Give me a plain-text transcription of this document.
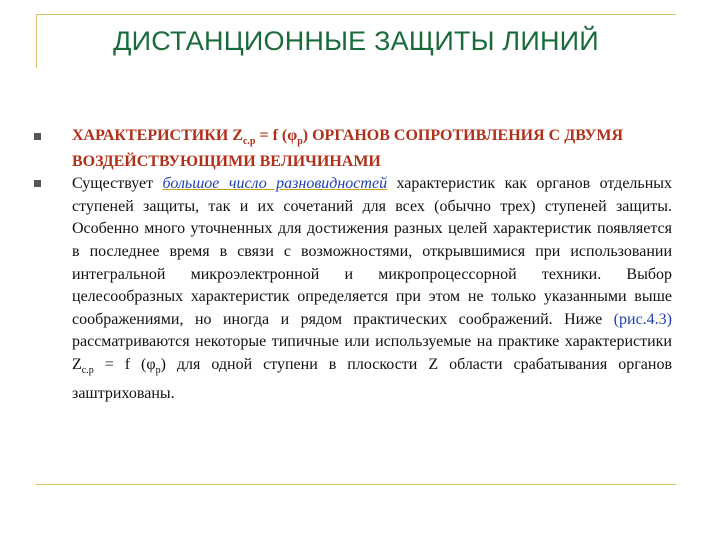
ДИСТАНЦИОННЫЕ ЗАЩИТЫ ЛИНИЙ
ХАРАКТЕРИСТИКИ $Z_{с.р} = f$ $(\varphi_р)$ ОРГАНОВ СОПРОТИВЛЕНИЯ С ДВУМЯ ВОЗДЕЙСТВУЮЩИМИ ВЕЛИЧИНАМИ
Существует большое число разновидностей характеристик как органов отдельных ступеней защиты, так и их сочетаний для всех (обычно трех) ступеней защиты. Особенно много уточненных для достижения разных целей характеристик появляется в последнее время в связи с возможностями, открывшимися при использовании интегральной микроэлектронной и микропроцессорной техники. Выбор целесообразных характеристик определяется при этом не только указанными выше соображениями, но иногда и рядом практических соображений. Ниже (рис.4.3) рассматриваются некоторые типичные или используемые на практике характеристики $Z_{с.р} = f$ $(\varphi_р)$ для одной ступени в плоскости Z области срабатывания органов заштрихованы.
